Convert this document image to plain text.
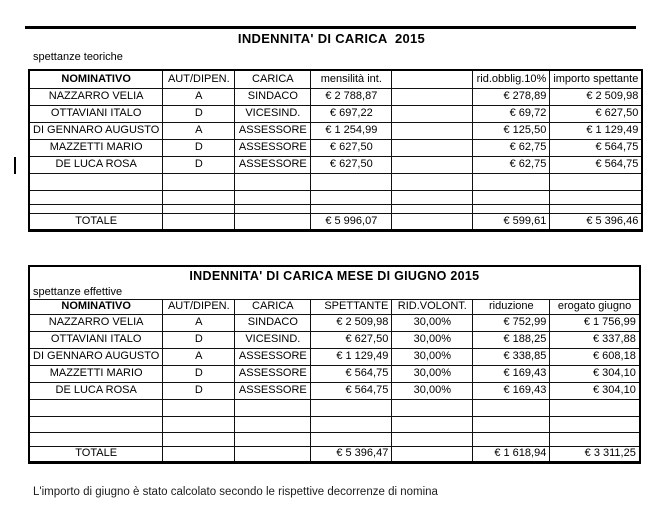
INDENNITA' DI CARICA  2015
spettanze teoriche
NOMINATIVO	AUT/DIPEN.	CARICA	mensilità int.		rid.obblig.10%	importo spettante
NAZZARRO VELIA	A	SINDACO	€ 2 788,87		€ 278,89	€ 2 509,98
OTTAVIANI ITALO	D	VICESIND.	€ 697,22		€ 69,72	€ 627,50
DI GENNARO AUGUSTO	A	ASSESSORE	€ 1 254,99		€ 125,50	€ 1 129,49
MAZZETTI MARIO	D	ASSESSORE	€ 627,50		€ 62,75	€ 564,75
DE LUCA ROSA	D	ASSESSORE	€ 627,50		€ 62,75	€ 564,75

TOTALE			€ 5 996,07		€ 599,61	€ 5 396,46
INDENNITA' DI CARICA MESE DI GIUGNO 2015						
spettanze effettive						
NOMINATIVO	AUT/DIPEN.	CARICA	SPETTANTE	RID.VOLONT.	riduzione	erogato giugno
NAZZARRO VELIA	A	SINDACO	€ 2 509,98	30,00%	€ 752,99	€ 1 756,99
OTTAVIANI ITALO	D	VICESIND.	€ 627,50	30,00%	€ 188,25	€ 337,88
DI GENNARO AUGUSTO	A	ASSESSORE	€ 1 129,49	30,00%	€ 338,85	€ 608,18
MAZZETTI MARIO	D	ASSESSORE	€ 564,75	30,00%	€ 169,43	€ 304,10
DE LUCA ROSA	D	ASSESSORE	€ 564,75	30,00%	€ 169,43	€ 304,10

TOTALE			€ 5 396,47		€ 1 618,94	€ 3 311,25
L'importo di giugno è stato calcolato secondo le rispettive decorrenze di nomina
